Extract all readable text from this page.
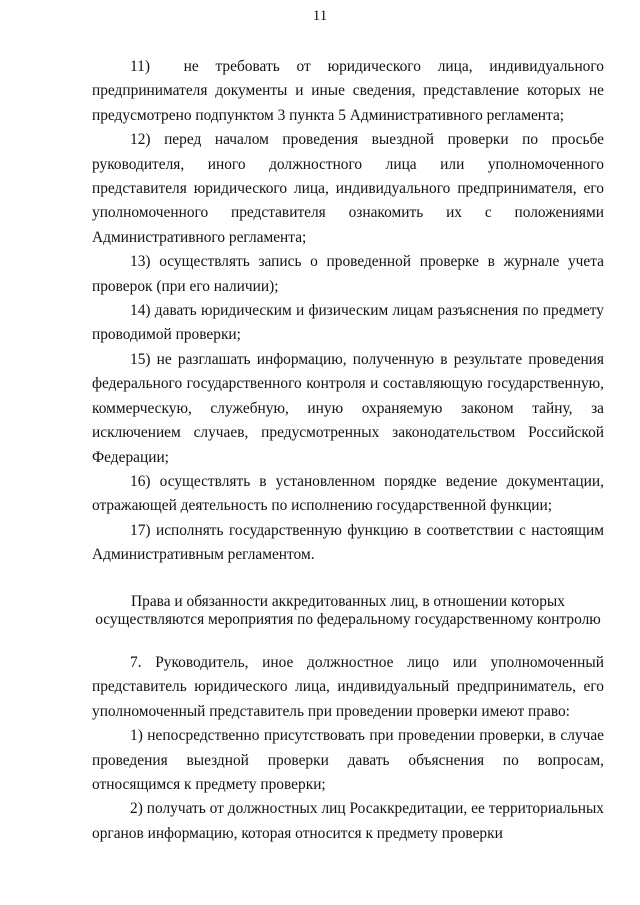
11

11)  не требовать от юридического лица, индивидуального предпринимателя документы и иные сведения, представление которых не предусмотрено подпунктом 3 пункта 5 Административного регламента;

12) перед началом проведения выездной проверки по просьбе руководителя, иного должностного лица или уполномоченного представителя юридического лица, индивидуального предпринимателя, его уполномоченного представителя ознакомить их с положениями Административного регламента;

13) осуществлять запись о проведенной проверке в журнале учета проверок (при его наличии);

14) давать юридическим и физическим лицам разъяснения по предмету проводимой проверки;

15) не разглашать информацию, полученную в результате проведения федерального государственного контроля и составляющую государственную, коммерческую, служебную, иную охраняемую законом тайну, за исключением случаев, предусмотренных законодательством Российской Федерации;

16) осуществлять в установленном порядке ведение документации, отражающей деятельность по исполнению государственной функции;

17) исполнять государственную функцию в соответствии с настоящим Административным регламентом.

Права и обязанности аккредитованных лиц, в отношении которых осуществляются мероприятия по федеральному государственному контролю

7. Руководитель, иное должностное лицо или уполномоченный представитель юридического лица, индивидуальный предприниматель, его уполномоченный представитель при проведении проверки имеют право:

1) непосредственно присутствовать при проведении проверки, в случае проведения выездной проверки давать объяснения по вопросам, относящимся к предмету проверки;

2) получать от должностных лиц Росаккредитации, ее территориальных органов информацию, которая относится к предмету проверки
